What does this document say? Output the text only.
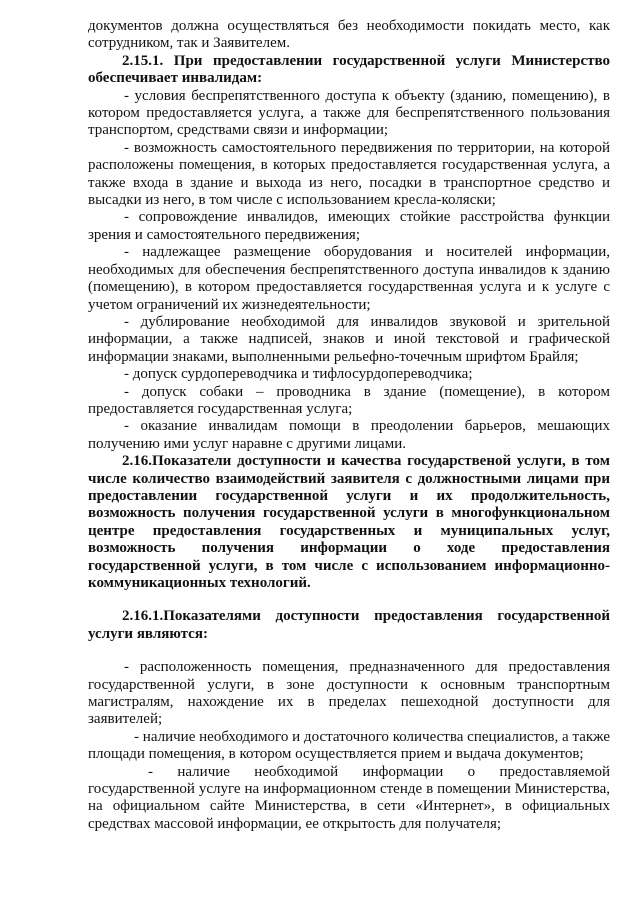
документов должна осуществляться без необходимости покидать место, как сотрудником, так и Заявителем.

2.15.1. При предоставлении государственной услуги Министерство обеспечивает инвалидам:

- условия беспрепятственного доступа к объекту (зданию, помещению), в котором предоставляется услуга, а также для беспрепятственного пользования транспортом, средствами связи и информации;

- возможность самостоятельного передвижения по территории, на которой расположены помещения, в которых предоставляется государственная услуга, а также входа в здание и выхода из него, посадки в транспортное средство и высадки из него, в том числе с использованием кресла-коляски;

- сопровождение инвалидов, имеющих стойкие расстройства функции зрения и самостоятельного передвижения;

- надлежащее размещение оборудования и носителей информации, необходимых для обеспечения беспрепятственного доступа инвалидов к зданию (помещению), в котором предоставляется государственная услуга и к услуге с учетом ограничений их жизнедеятельности;

- дублирование необходимой для инвалидов звуковой и зрительной информации, а также надписей, знаков и иной текстовой и графической информации знаками, выполненными рельефно-точечным шрифтом Брайля;

- допуск сурдопереводчика и тифлосурдопереводчика;

- допуск собаки – проводника в здание (помещение), в котором предоставляется государственная услуга;

- оказание инвалидам помощи в преодолении барьеров, мешающих получению ими услуг наравне с другими лицами.

2.16.Показатели доступности и качества государственой услуги, в том числе количество взаимодействий заявителя с должностными лицами при предоставлении государственной услуги и их продолжительность, возможность получения государственной услуги в многофункциональном центре предоставления государственных и муниципальных услуг, возможность получения информации о ходе предоставления государственной услуги, в том числе с использованием информационно-коммуникационных технологий.

2.16.1.Показателями доступности предоставления государственной услуги являются:

- расположенность помещения, предназначенного для предоставления государственной услуги, в зоне доступности к основным транспортным магистралям, нахождение их в пределах пешеходной доступности для заявителей;

- наличие необходимого и достаточного количества специалистов, а также площади помещения, в котором осуществляется прием и выдача документов;

- наличие необходимой информации о предоставляемой государственной услуге на информационном стенде в помещении Министерства, на официальном сайте Министерства, в сети «Интернет», в официальных средствах массовой информации, ее открытость для получателя;
